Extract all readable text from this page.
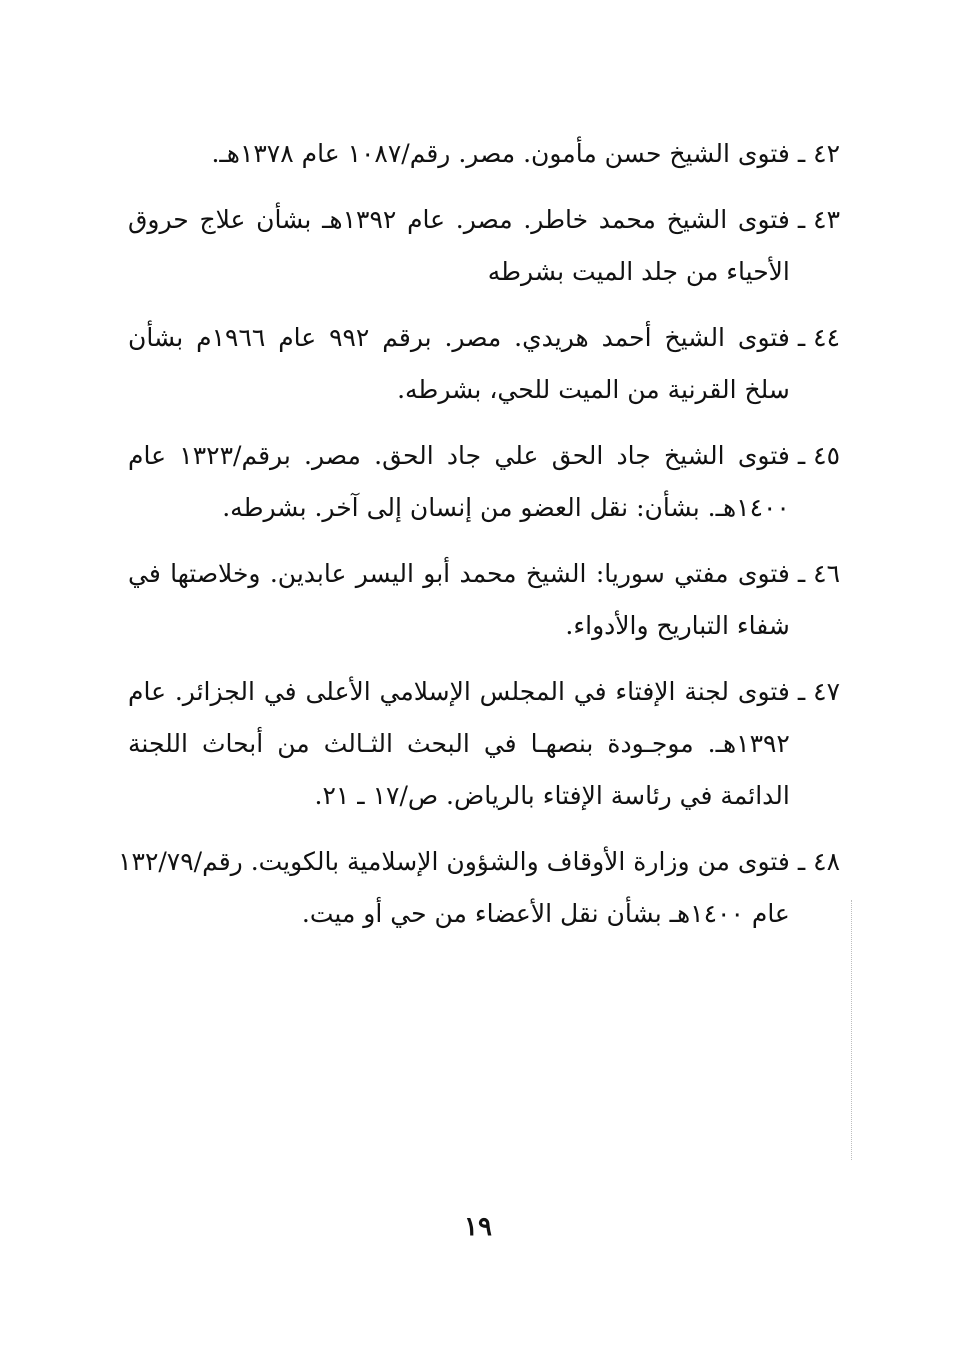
٤٢ ـ
فتوى الشيخ حسن مأمون. مصر. رقم/١٠٨٧ عام ١٣٧٨هـ.
٤٣ ـ
فتوى الشيخ محمد خاطر. مصر. عام ١٣٩٢هـ بشأن علاج حروق
الأحياء من جلد الميت بشرطه
٤٤ ـ
فتوى الشيخ أحمد هريدي. مصر. برقم ٩٩٢ عام ١٩٦٦م بشأن
سلخ القرنية من الميت للحي، بشرطه.
٤٥ ـ
فتوى الشيخ جاد الحق علي جاد الحق. مصر. برقم/١٣٢٣ عام
١٤٠٠هـ. بشأن: نقل العضو من إنسان إلى آخر. بشرطه.
٤٦ ـ
فتوى مفتي سوريا: الشيخ محمد أبو اليسر عابدين. وخلاصتها في
شفاء التباريح والأدواء.
٤٧ ـ
فتوى لجنة الإفتاء في المجلس الإسلامي الأعلى في الجزائر. عام
١٣٩٢هـ. موجـودة بنصهـا في البحث الثـالث من أبحاث اللجنة
الدائمة في رئاسة الإفتاء بالرياض. ص/١٧ ـ ٢١.
٤٨ ـ
فتوى من وزارة الأوقاف والشؤون الإسلامية بالكويت. رقم/١٣٢/٧٩
عام ١٤٠٠هـ بشأن نقل الأعضاء من حي أو ميت.
١٩
